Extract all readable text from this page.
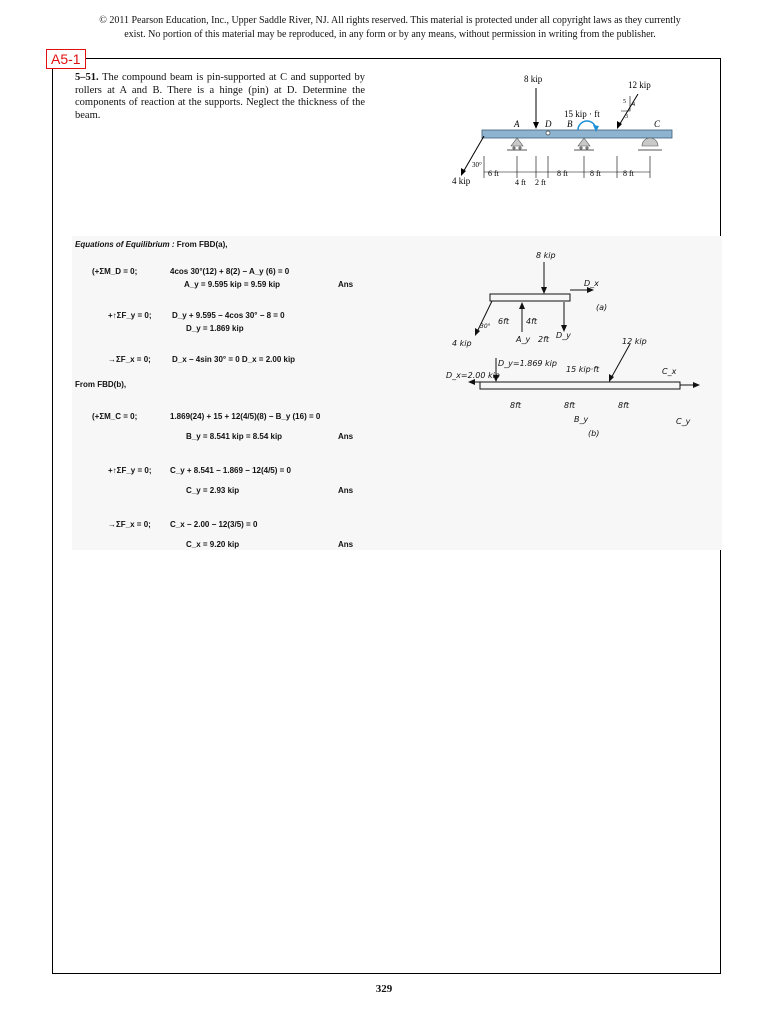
© 2011 Pearson Education, Inc., Upper Saddle River, NJ. All rights reserved. This material is protected under all copyright laws as they currently
exist. No portion of this material may be reproduced, in any form or by any means, without permission in writing from the publisher.
A5-1
5–51. The compound beam is pin-supported at C and supported by rollers at A and B. There is a hinge (pin) at D. Determine the components of reaction at the supports. Neglect the thickness of the beam.
8 kip
12 kip
5 4
3
15 kip · ft
4 kip
30°
A	D B	C
6 ft
4 ft 2 ft
8 ft	8 ft	8 ft
Equations of Equilibrium : From FBD(a),
(+ΣM_D = 0;	4cos 30°(12) + 8(2) − A_y (6) = 0
A_y = 9.595 kip = 9.59 kip	Ans
+↑ΣF_y = 0;	D_y + 9.595 − 4cos 30° − 8 = 0
D_y = 1.869 kip
→ΣF_x = 0;	D_x − 4sin 30° = 0 D_x = 2.00 kip
From FBD(b),
(+ΣM_C = 0;	1.869(24) + 15 + 12(4/5)(8) − B_y (16) = 0
B_y = 8.541 kip = 8.54 kip	Ans
+↑ΣF_y = 0; C_y + 8.541 − 1.869 − 12(4/5) = 0
C_y = 2.93 kip	Ans
→ΣF_x = 0; C_x − 2.00 − 12(3/5) = 0
C_x = 9.20 kip	Ans
8 kip
D_x
(a)
4 kip
30°
6ft 4ft
A_y 2ft D_y
D_y=1.869 kip
D_x=2.00 kip
15 kip·ft
12 kip
C_x
8ft	8ft	8ft
B_y
(b)
C_y
329
